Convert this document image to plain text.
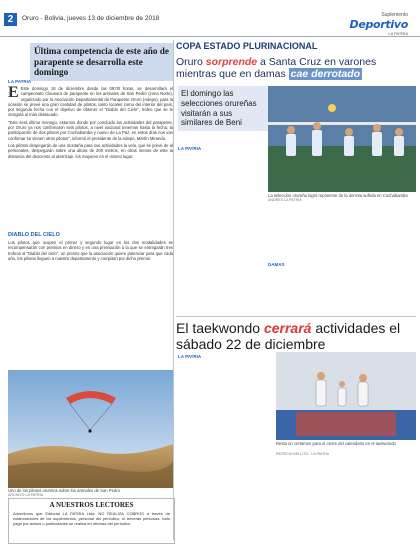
2	Oruro - Bolivia, jueves 13 de diciembre de 2018	Suplemento
Deportivo
LA PATRIA
Última competencia de este año de parapente se desarrolla este domingo
LA PATRIA
E Este domingo 16 de diciembre desde las 09:00 horas, se desarrollará el campeonato Clausura de parapente en los arenales de San Pedro (zona Norte), organizado por la Asociación Departamental de Parapente Oruro (Adepo), para la ocasión se prevé una gran cantidad de pilotos, tanto locales como del interior del país, por segunda fecha con el objetivo de obtener el "Diablo del Cielo", trofeo que se le otorgará al más destacado.

"Este será último monogo, estamos donde por concluido las actividades del parapente, por Oruro ya nos confirmaron seis pilotos, a nivel nacional tenemos hasta la fecha, la participación de dos pilotos por Cochabamba y nuevo de La Paz, en estos días nos van confirmar se vienen otros pilotos", informó el presidente de la Adepo, Martín Miranda.

Los pilotos despegarán de una montaña para sus actividades la vela, que se prevé de al personales, despegarán sobre una altura de 200 metros, en otras menos de este la distancia del descenso al aterrizaje, los mayores en el mismo lugar.

DIABLO DEL CIELO
Los pilotos que ocupen el primer y segundo lugar en los dos modalidades se recompensarán con premios en dinero y en una premiación a la que se entregarán tres trofeos al "Diablo del cielo", un premio que la asociación quiere potenciar para que cada año, los pilotos lleguen a nuestro departamento y compitan por dicho premio.
Uno de los pilotos oruretos sobre los arenales de San Pedro
ARCHIVO LA PATRIA
A NUESTROS LECTORES
Advertimos que Editorial LA PATRIA Ltda. NO REALIZA COBROS a través de colaboradores de los suplementos, personal del periódico, ni terceras personas, todo pago por avisos o publicidades se realiza en oficinas del periódico.
COPA ESTADO PLURINACIONAL
Oruro sorprende a Santa Cruz en varones mientras que en damas cae derrotado
El domingo las selecciones orureñas visitarán a sus similares de Beni
LA PATRIA
La selección orureña logró reponerse de la derrota sufrida en Cochabamba
ANDRES LA PATRIA
DAMAS
El taekwondo cerrará actividades el sábado 22 de diciembre
LA PATRIA
Resta un certamen para el cierre del calendario en el taekwondo
PATRICIO BELLITO - LA PATRIA
